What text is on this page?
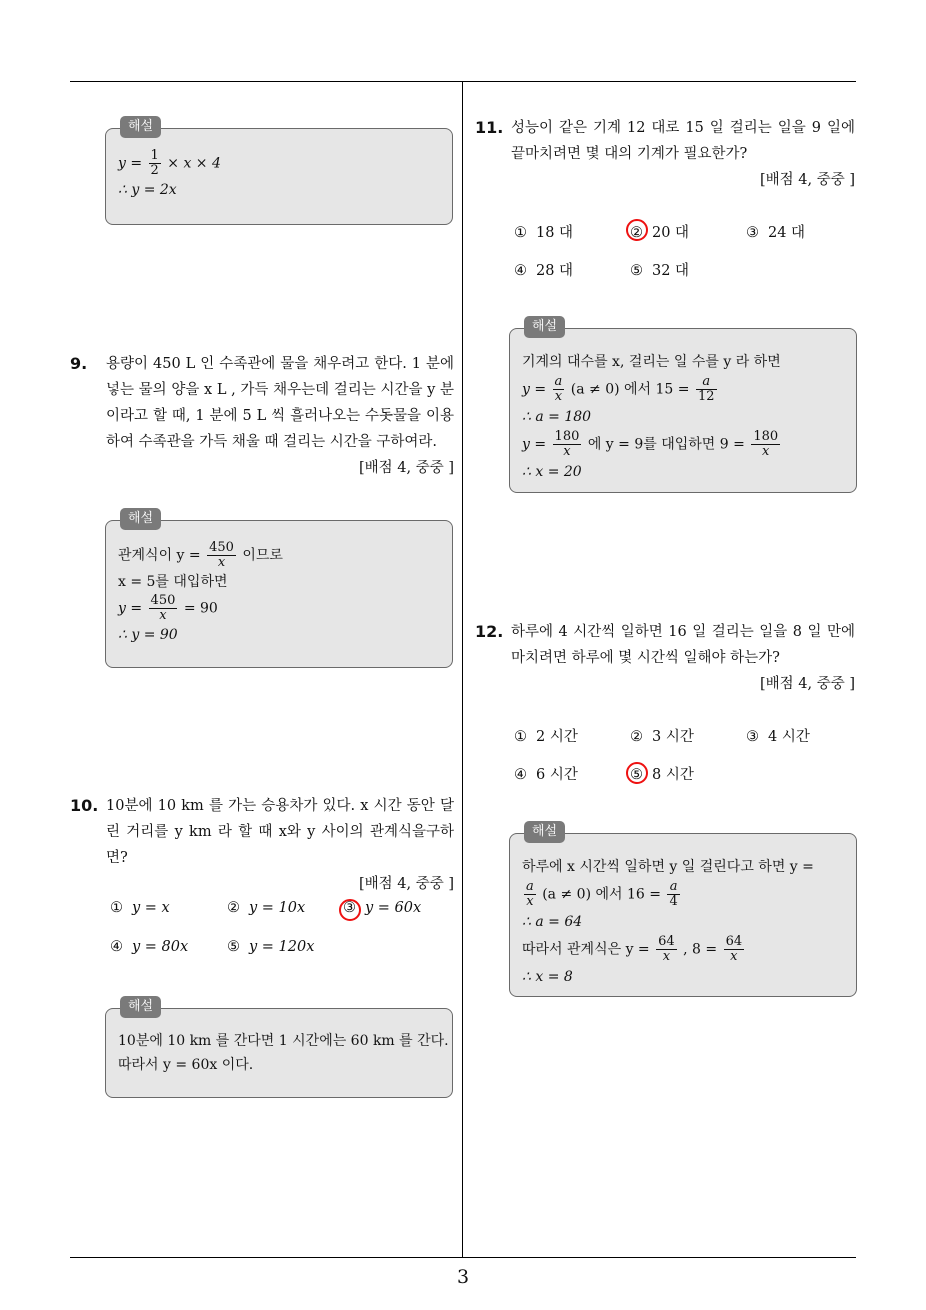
3
해설
$y = \frac{1}{2} \times x \times 4$
∴ y = 2x
9. 용량이 450 L 인 수족관에 물을 채우려고 한다. 1 분에 넣는 물의 양을 x L , 가득 채우는데 걸리는 시간을 y 분이라고 할 때, 1 분에 5 L 씩 흘러나오는 수돗물을 이용하여 수족관을 가득 채울 때 걸리는 시간을 구하여라.
[배점 4, 중중 ]
해설
관계식이 $y = \frac{450}{x}$ 이므로
x = 5를 대입하면
$y = \frac{450}{x} = 90$
∴ y = 90
10. 10분에 10 km 를 가는 승용차가 있다. x 시간 동안 달린 거리를 y km 라 할 때 x와 y 사이의 관계식을구하면?
[배점 4, 중중 ]
① y = x	② y = 10x	③ y = 60x
④ y = 80x	⑤ y = 120x
해설
10분에 10 km 를 간다면 1 시간에는 60 km 를 간다.
따라서 y = 60x 이다.
11. 성능이 같은 기계 12 대로 15 일 걸리는 일을 9 일에 끝마치려면 몇 대의 기계가 필요한가?
[배점 4, 중중 ]
① 18 대	② 20 대	③ 24 대
④ 28 대	⑤ 32 대
해설
기계의 대수를 x, 걸리는 일 수를 y 라 하면
$y = \frac{a}{x} (a \ne 0)$ 에서 $15 = \frac{a}{12}$
∴ a = 180
$y = \frac{180}{x}$ 에 y = 9를 대입하면 $9 = \frac{180}{x}$
∴ x = 20
12. 하루에 4 시간씩 일하면 16 일 걸리는 일을 8 일 만에 마치려면 하루에 몇 시간씩 일해야 하는가?
[배점 4, 중중 ]
① 2 시간	② 3 시간	③ 4 시간
④ 6 시간	⑤ 8 시간
해설
하루에 x 시간씩 일하면 y 일 걸린다고 하면 y =
$\frac{a}{x} (a \ne 0)$ 에서 $16 = \frac{a}{4}$
∴ a = 64
따라서 관계식은 $y = \frac{64}{x}$ , $8 = \frac{64}{x}$
∴ x = 8
